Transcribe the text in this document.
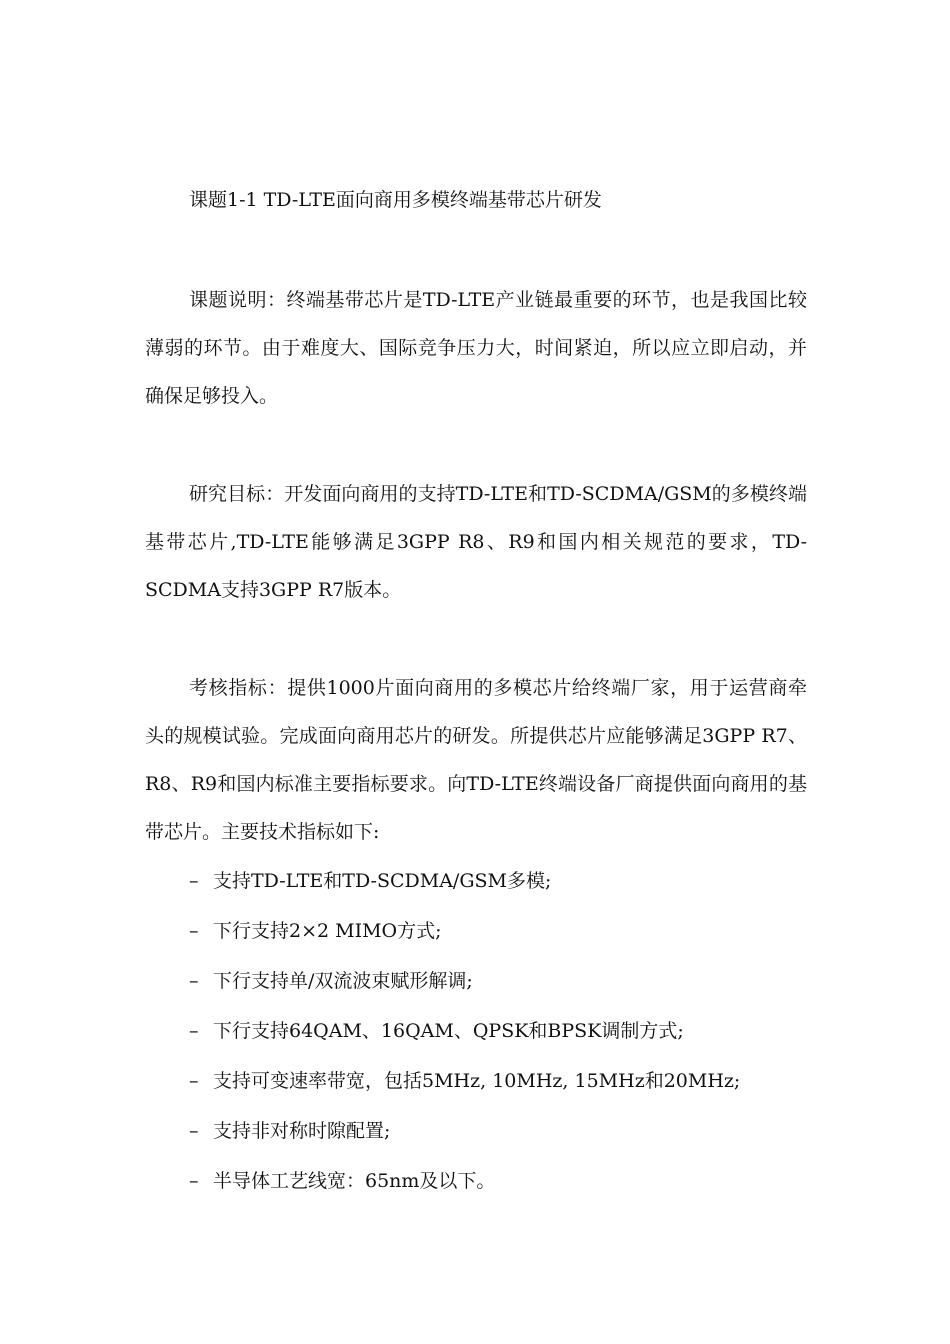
课题1-1 TD-LTE面向商用多模终端基带芯片研发

课题说明：终端基带芯片是TD-LTE产业链最重要的环节，也是我国比较薄弱的环节。由于难度大、国际竞争压力大，时间紧迫，所以应立即启动，并确保足够投入。

研究目标：开发面向商用的支持TD-LTE和TD-SCDMA/GSM的多模终端基带芯片,TD-LTE能够满足3GPP R8、R9和国内相关规范的要求，TD-SCDMA支持3GPP R7版本。

考核指标：提供1000片面向商用的多模芯片给终端厂家，用于运营商牵头的规模试验。完成面向商用芯片的研发。所提供芯片应能够满足3GPP R7、R8、R9和国内标准主要指标要求。向TD-LTE终端设备厂商提供面向商用的基带芯片。主要技术指标如下:

– 支持TD-LTE和TD-SCDMA/GSM多模;
– 下行支持2×2 MIMO方式;
– 下行支持单/双流波束赋形解调;
– 下行支持64QAM、16QAM、QPSK和BPSK调制方式;
– 支持可变速率带宽，包括5MHz, 10MHz, 15MHz和20MHz;
– 支持非对称时隙配置;
– 半导体工艺线宽：65nm及以下。
